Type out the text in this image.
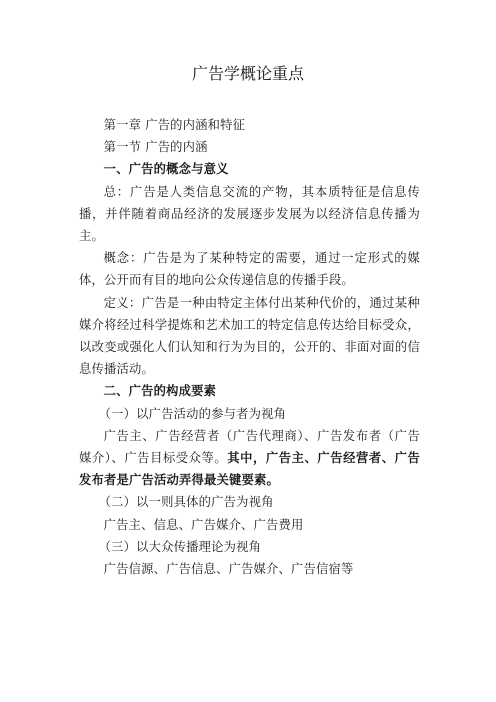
广告学概论重点

第一章 广告的内涵和特征

第一节 广告的内涵

一、广告的概念与意义

总：广告是人类信息交流的产物，其本质特征是信息传播，并伴随着商品经济的发展逐步发展为以经济信息传播为主。

概念：广告是为了某种特定的需要，通过一定形式的媒体，公开而有目的地向公众传递信息的传播手段。

定义：广告是一种由特定主体付出某种代价的，通过某种媒介将经过科学提炼和艺术加工的特定信息传达给目标受众，以改变或强化人们认知和行为为目的，公开的、非面对面的信息传播活动。

二、广告的构成要素

（一）以广告活动的参与者为视角

广告主、广告经营者（广告代理商）、广告发布者（广告媒介）、广告目标受众等。其中，广告主、广告经营者、广告发布者是广告活动弄得最关键要素。

（二）以一则具体的广告为视角

广告主、信息、广告媒介、广告费用

（三）以大众传播理论为视角

广告信源、广告信息、广告媒介、广告信宿等
